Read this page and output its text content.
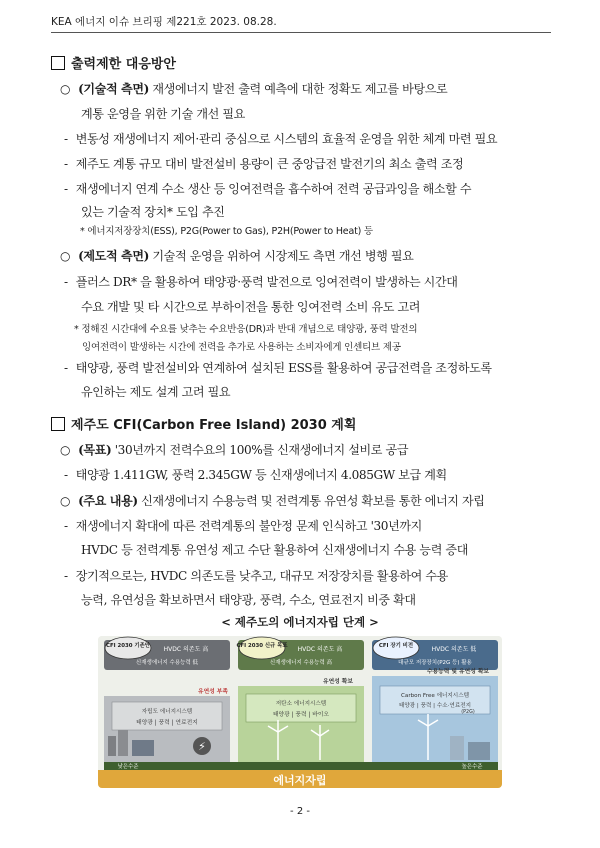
KEA 에너지 이슈 브리핑 제221호 2023. 08.28.
출력제한 대응방안
○ (기술적 측면) 재생에너지 발전 출력 예측에 대한 정확도 제고를 바탕으로
계통 운영을 위한 기술 개선 필요
- 변동성 재생에너지 제어·관리 중심으로 시스템의 효율적 운영을 위한 체계 마련 필요
- 제주도 계통 규모 대비 발전설비 용량이 큰 중앙급전 발전기의 최소 출력 조정
- 재생에너지 연계 수소 생산 등 잉여전력을 흡수하여 전력 공급과잉을 해소할 수
있는 기술적 장치* 도입 추진
* 에너지저장장치(ESS), P2G(Power to Gas), P2H(Power to Heat) 등
○ (제도적 측면) 기술적 운영을 위하여 시장제도 측면 개선 병행 필요
- 플러스 DR* 을 활용하여 태양광·풍력 발전으로 잉여전력이 발생하는 시간대
수요 개발 및 타 시간으로 부하이전을 통한 잉여전력 소비 유도 고려
* 정해진 시간대에 수요를 낮추는 수요반응(DR)과 반대 개념으로 태양광, 풍력 발전의
잉여전력이 발생하는 시간에 전력을 추가로 사용하는 소비자에게 인센티브 제공
- 태양광, 풍력 발전설비와 연계하여 설치된 ESS를 활용하여 공급전력을 조정하도록
유인하는 제도 설계 고려 필요
제주도 CFI(Carbon Free Island) 2030 계획
○ (목표) '30년까지 전력수요의 100%를 신재생에너지 설비로 공급
- 태양광 1.411GW, 풍력 2.345GW 등 신재생에너지 4.085GW 보급 계획
○ (주요 내용) 신재생에너지 수용능력 및 전력계통 유연성 확보를 통한 에너지 자립
- 재생에너지 확대에 따른 전력계통의 불안정 문제 인식하고 '30년까지
HVDC 등 전력계통 유연성 제고 수단 활용하여 신재생에너지 수용 능력 증대
- 장기적으로는, HVDC 의존도를 낮추고, 대규모 저장장치를 활용하여 수용
능력, 유연성을 확보하면서 태양광, 풍력, 수소, 연료전지 비중 확대
< 제주도의 에너지자립 단계 >
⚡
CFI 2030 기존안	CFI 2030 신규 목표	CFI 장기 비전
HVDC 의존도 高
신재생에너지 수용능력 低
HVDC 의존도 高
신재생에너지 수용능력 高
HVDC 의존도 低
대규모 저장장치(P2G 등) 활용
유연성 부족
유연성 확보
수용능력 및 유연성 확보
자립도 에너지시스템
태양광 | 풍력 | 연료전지
저탄소 에너지시스템
태양광 | 풍력 | 바이오
Carbon Free 에너지시스템
태양광 | 풍력 | 수소·연료전지
(P2G)
낮은수준	높은수준
에너지자립
- 2 -
